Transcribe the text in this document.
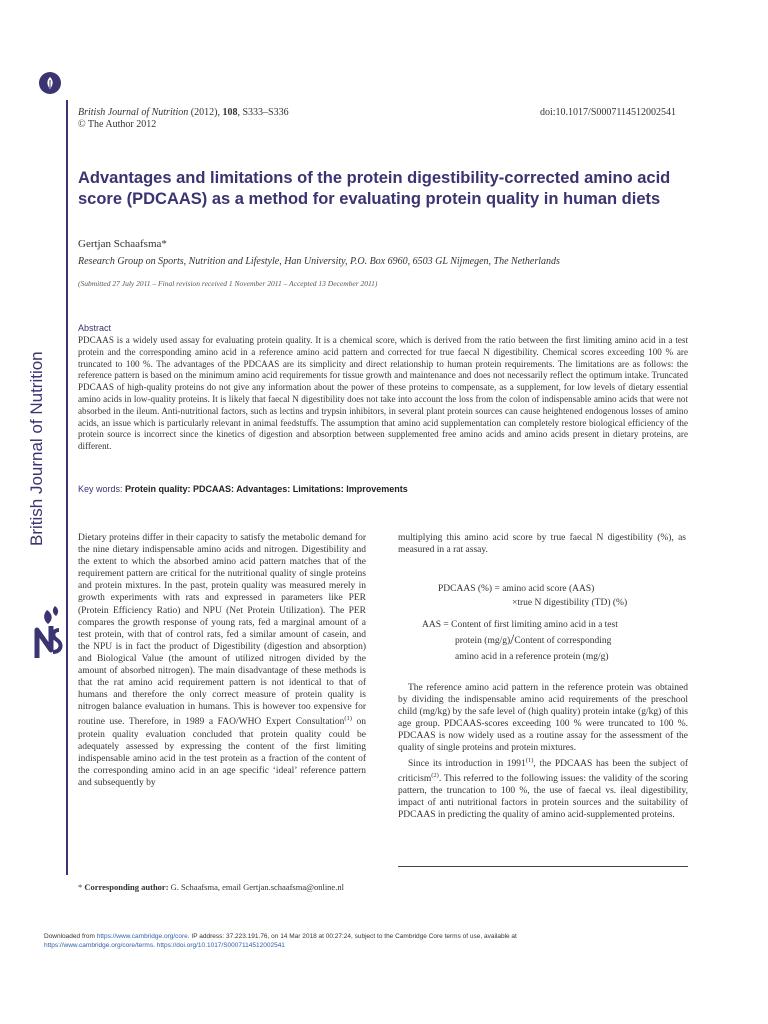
British Journal of Nutrition
British Journal of Nutrition (2012), 108, S333–S336
© The Author 2012
doi:10.1017/S0007114512002541
Advantages and limitations of the protein digestibility-corrected amino acid score (PDCAAS) as a method for evaluating protein quality in human diets
Gertjan Schaafsma*
Research Group on Sports, Nutrition and Lifestyle, Han University, P.O. Box 6960, 6503 GL Nijmegen, The Netherlands
(Submitted 27 July 2011 – Final revision received 1 November 2011 – Accepted 13 December 2011)
Abstract

PDCAAS is a widely used assay for evaluating protein quality. It is a chemical score, which is derived from the ratio between the first limiting amino acid in a test protein and the corresponding amino acid in a reference amino acid pattern and corrected for true faecal N digestibility. Chemical scores exceeding 100 % are truncated to 100 %. The advantages of the PDCAAS are its simplicity and direct relationship to human protein requirements. The limitations are as follows: the reference pattern is based on the minimum amino acid requirements for tissue growth and maintenance and does not necessarily reflect the optimum intake. Truncated PDCAAS of high-quality proteins do not give any information about the power of these proteins to compensate, as a supplement, for low levels of dietary essential amino acids in low-quality proteins. It is likely that faecal N digestibility does not take into account the loss from the colon of indispensable amino acids that were not absorbed in the ileum. Anti-nutritional factors, such as lectins and trypsin inhibitors, in several plant protein sources can cause heightened endogenous losses of amino acids, an issue which is particularly relevant in animal feedstuffs. The assumption that amino acid supplementation can completely restore biological efficiency of the protein source is incorrect since the kinetics of digestion and absorption between supplemented free amino acids and amino acids present in dietary proteins, are different.

Key words: Protein quality: PDCAAS: Advantages: Limitations: Improvements

Dietary proteins differ in their capacity to satisfy the metabolic demand for the nine dietary indispensable amino acids and nitrogen. Digestibility and the extent to which the absorbed amino acid pattern matches that of the requirement pattern are critical for the nutritional quality of single proteins and protein mixtures. In the past, protein quality was measured merely in growth experiments with rats and expressed in parameters like PER (Protein Efficiency Ratio) and NPU (Net Protein Utilization). The PER compares the growth response of young rats, fed a marginal amount of a test protein, with that of control rats, fed a similar amount of casein, and the NPU is in fact the product of Digestibility (digestion and absorption) and Biological Value (the amount of utilized nitrogen divided by the amount of absorbed nitrogen). The main disadvantage of these methods is that the rat amino acid requirement pattern is not identical to that of humans and therefore the only correct measure of protein quality is nitrogen balance evaluation in humans. This is however too expensive for routine use. Therefore, in 1989 a FAO/WHO Expert Consultation$^{(1)}$ on protein quality evaluation concluded that protein quality could be adequately assessed by expressing the content of the first limiting indispensable amino acid in the test protein as a fraction of the content of the corresponding amino acid in an age specific ‘ideal’ reference pattern and subsequently by

multiplying this amino acid score by true faecal N digestibility (%), as measured in a rat assay.

PDCAAS (%) = amino acid score (AAS)
×true N digestibility (TD) (%)
AAS = Content of first limiting amino acid in a test
protein (mg/g)/Content of corresponding
amino acid in a reference protein (mg/g)

The reference amino acid pattern in the reference protein was obtained by dividing the indispensable amino acid requirements of the preschool child (mg/kg) by the safe level of (high quality) protein intake (g/kg) of this age group. PDCAAS-scores exceeding 100 % were truncated to 100 %. PDCAAS is now widely used as a routine assay for the assessment of the quality of single proteins and protein mixtures.

Since its introduction in 1991$^{(1)}$, the PDCAAS has been the subject of criticism$^{(2)}$. This referred to the following issues: the validity of the scoring pattern, the truncation to 100 %, the use of faecal vs. ileal digestibility, impact of anti nutritional factors in protein sources and the suitability of PDCAAS in predicting the quality of amino acid-supplemented proteins.

* Corresponding author: G. Schaafsma, email Gertjan.schaafsma@online.nl
Downloaded from https://www.cambridge.org/core. IP address: 37.223.191.76, on 14 Mar 2018 at 00:27:24, subject to the Cambridge Core terms of use, available at
https://www.cambridge.org/core/terms. https://doi.org/10.1017/S0007114512002541
